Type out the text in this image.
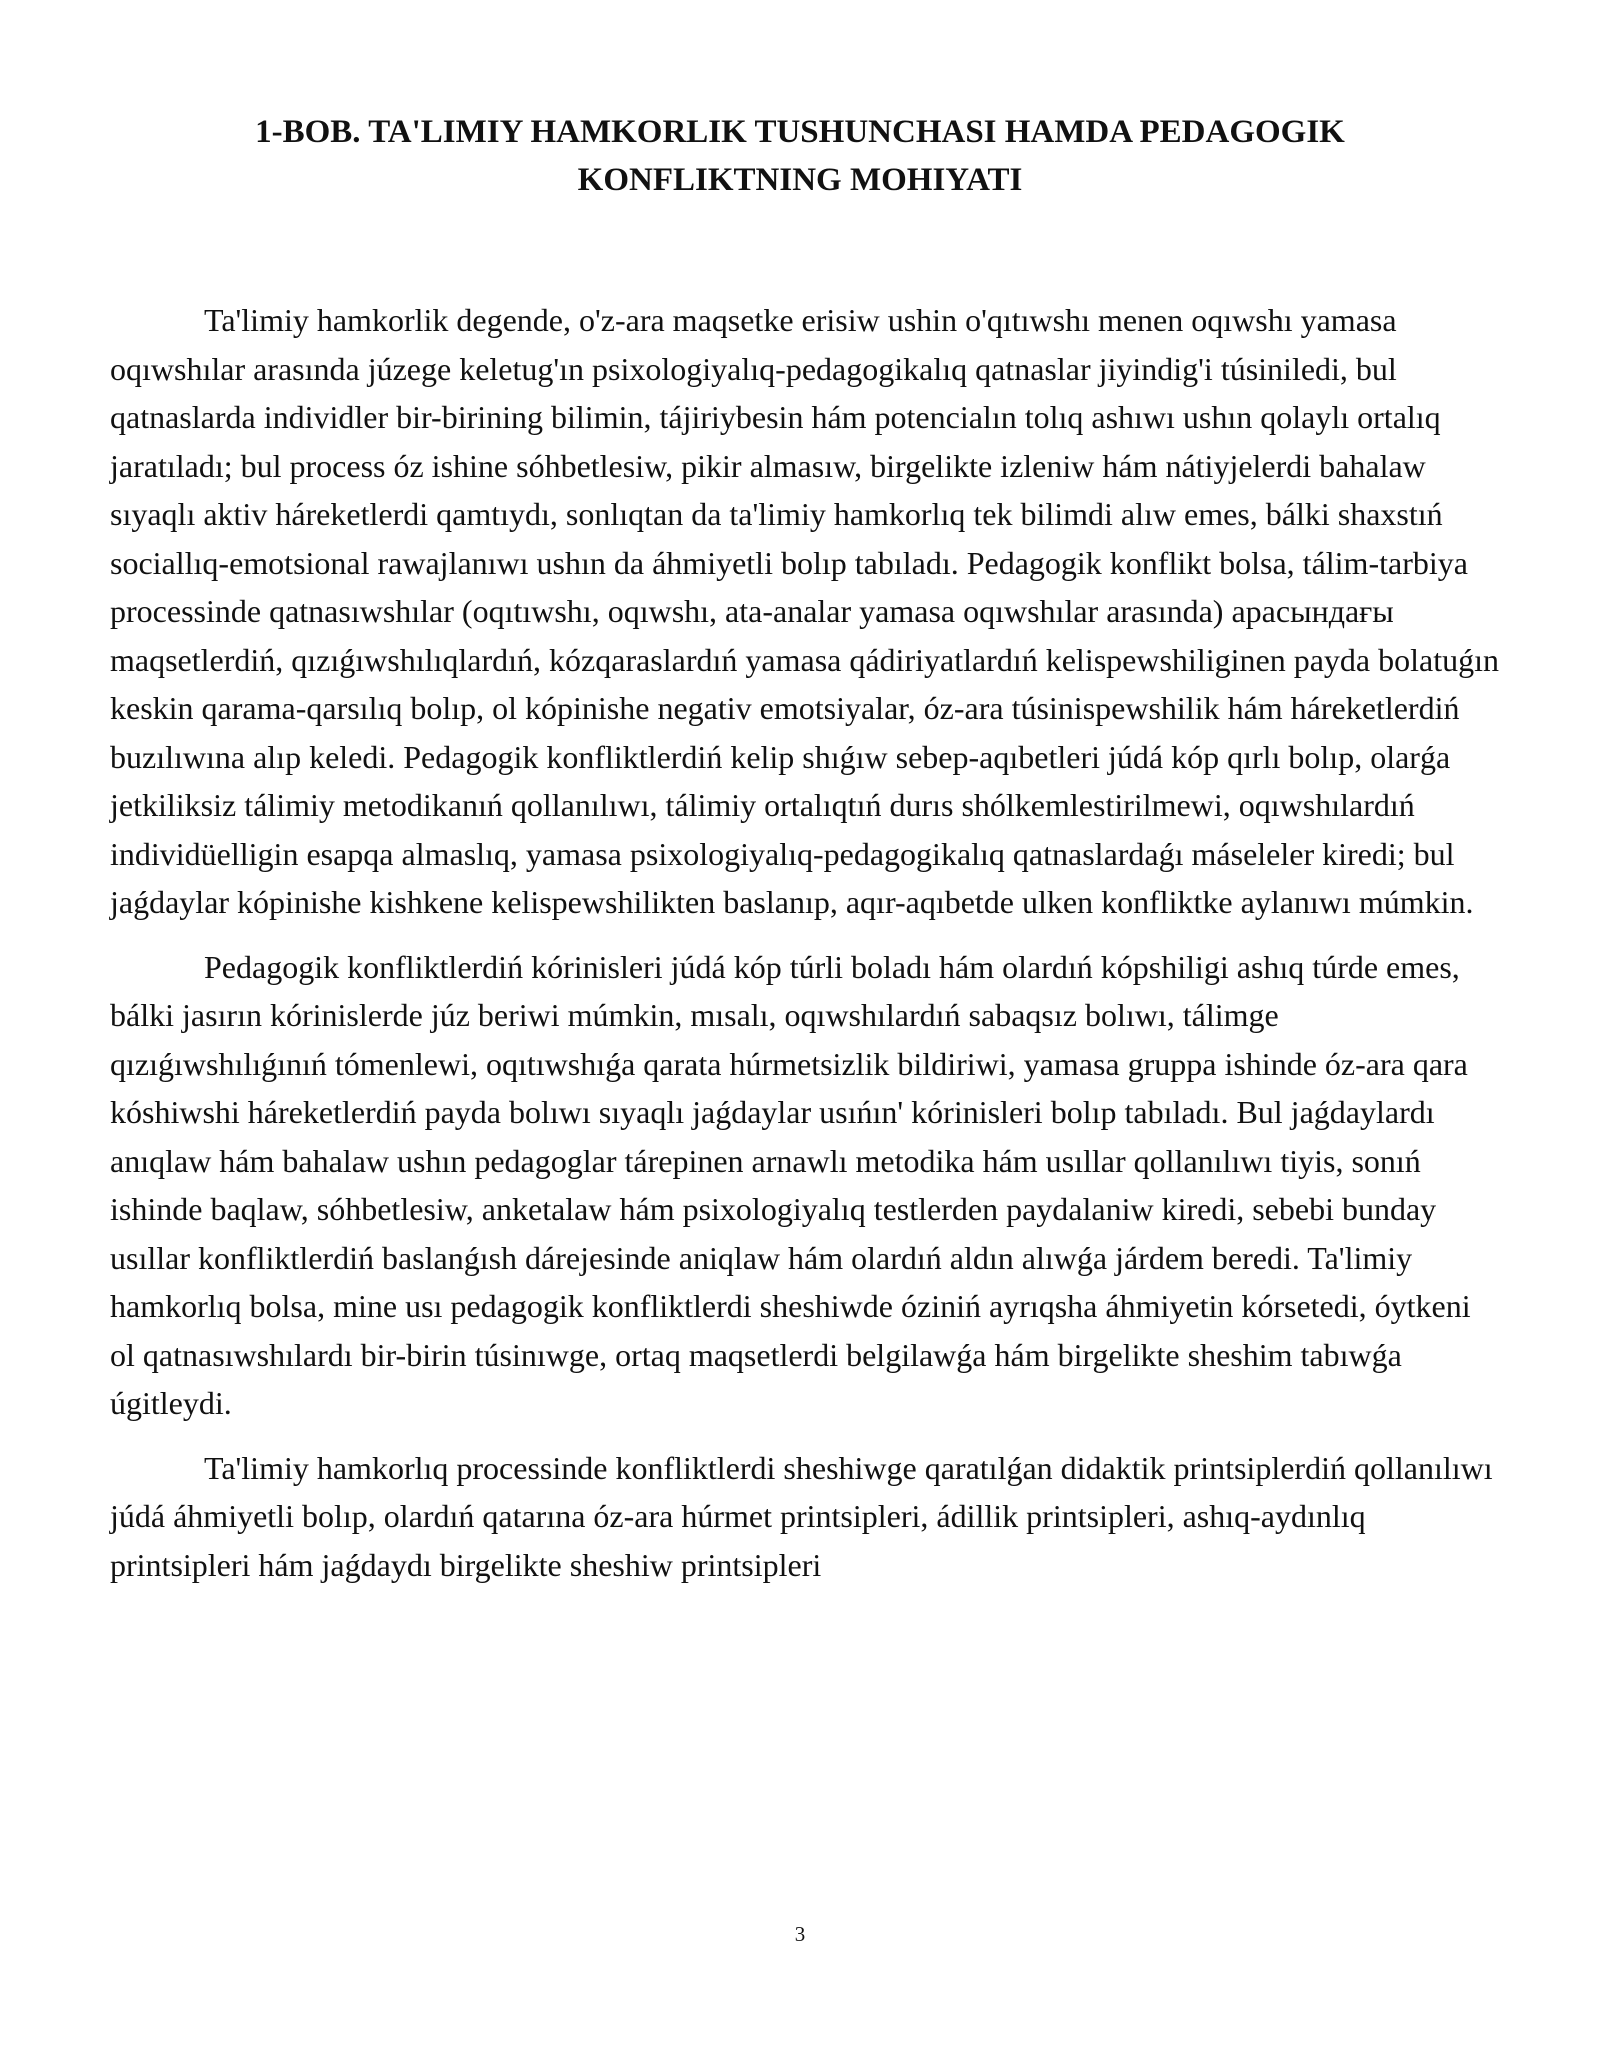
1-BOB. TA'LIMIY HAMKORLIK TUSHUNCHASI HAMDA PEDAGOGIK
KONFLIKTNING MOHIYATI

Ta'limiy hamkorlik degende, o'z-ara maqsetke erisiw ushin o'qıtıwshı menen oqıwshı yamasa oqıwshılar arasında júzege keletug'ın psixologiyalıq-pedagogikalıq qatnaslar jiyindig'i túsiniledi, bul qatnaslarda individler bir-birining bilimin, tájiriybesin hám potencialın tolıq ashıwı ushın qolaylı ortalıq jaratıladı; bul process óz ishine sóhbetlesiw, pikir almasıw, birgelikte izleniw hám nátiyjelerdi bahalaw sıyaqlı aktiv háreketlerdi qamtıydı, sonlıqtan da ta'limiy hamkorlıq tek bilimdi alıw emes, bálki shaxstıń sociallıq-emotsional rawajlanıwı ushın da áhmiyetli bolıp tabıladı. Pedagogik konflikt bolsa, tálim-tarbiya processinde qatnasıwshılar (oqıtıwshı, oqıwshı, ata-analar yamasa oqıwshılar arasında) арасындағы maqsetlerdiń, qızıǵıwshılıqlardıń, kózqaraslardıń yamasa qádiriyatlardıń kelispewshiliginen payda bolatuǵın keskin qarama-qarsılıq bolıp, ol kópinishe negativ emotsiyalar, óz-ara túsinispewshilik hám háreketlerdiń buzılıwına alıp keledi. Pedagogik konfliktlerdiń kelip shıǵıw sebep-aqıbetleri júdá kóp qırlı bolıp, olarǵa jetkiliksiz tálimiy metodikanıń qollanılıwı, tálimiy ortalıqtıń durıs shólkemlestirilmewi, oqıwshılardıń individüelligin esapqa almaslıq, yamasa psixologiyalıq-pedagogikalıq qatnaslardaǵı máseleler kiredi; bul jaǵdaylar kópinishe kishkene kelispewshilikten baslanıp, aqır-aqıbetde ulken konfliktke aylanıwı múmkin.

Pedagogik konfliktlerdiń kórinisleri júdá kóp túrli boladı hám olardıń kópshiligi ashıq túrde emes, bálki jasırın kórinislerde júz beriwi múmkin, mısalı, oqıwshılardıń sabaqsız bolıwı, tálimge qızıǵıwshılıǵınıń tómenlewi, oqıtıwshıǵa qarata húrmetsizlik bildiriwi, yamasa gruppa ishinde óz-ara qara kóshiwshi háreketlerdiń payda bolıwı sıyaqlı jaǵdaylar usıńın' kórinisleri bolıp tabıladı. Bul jaǵdaylardı anıqlaw hám bahalaw ushın pedagoglar tárepinen arnawlı metodika hám usıllar qollanılıwı tiyis, sonıń ishinde baqlaw, sóhbetlesiw, anketalaw hám psixologiyalıq testlerden paydalaniw kiredi, sebebi bunday usıllar konfliktlerdiń baslanǵısh dárejesinde aniqlaw hám olardıń aldın alıwǵa járdem beredi. Ta'limiy hamkorlıq bolsa, mine usı pedagogik konfliktlerdi sheshiwde óziniń ayrıqsha áhmiyetin kórsetedi, óytkeni ol qatnasıwshılardı bir-birin túsinıwge, ortaq maqsetlerdi belgilawǵa hám birgelikte sheshim tabıwǵa úgitleydi.

Ta'limiy hamkorlıq processinde konfliktlerdi sheshiwge qaratılǵan didaktik printsiplerdiń qollanılıwı júdá áhmiyetli bolıp, olardıń qatarına óz-ara húrmet printsipleri, ádillik printsipleri, ashıq-aydınlıq printsipleri hám jaǵdaydı birgelikte sheshiw printsipleri

3
